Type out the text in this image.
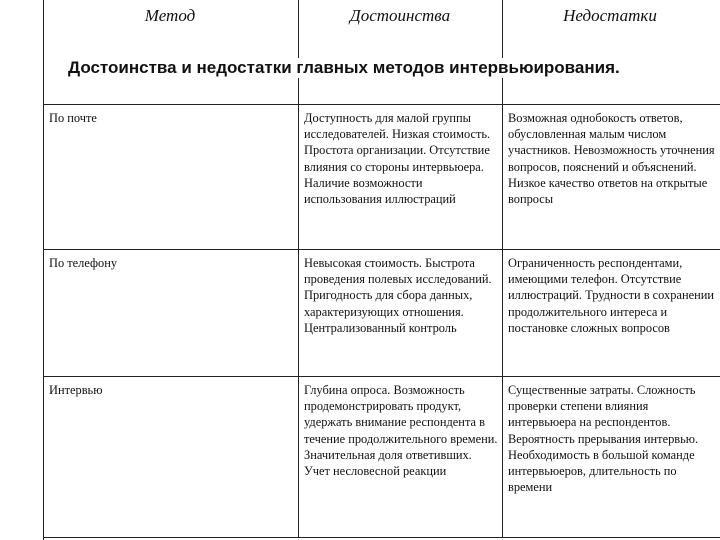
Метод	Достоинства	Недостатки
Достоинства и недостатки главных методов интервьюирования.
По почте	Доступность для малой группы исследователей. Низкая стоимость. Простота организации. Отсутствие влияния со стороны интервьюера. Наличие возможности использования иллюстраций	Возможная однобокость ответов, обусловленная малым числом участников. Невозможность уточнения вопросов, пояснений и объяснений. Низкое качество ответов на открытые вопросы
По телефону	Невысокая стоимость. Быстрота проведения полевых исследований. Пригодность для сбора данных, характеризующих отношения. Централизованный контроль	Ограниченность респондентами, имеющими телефон. Отсутствие иллюстраций. Трудности в сохранении продолжительного интереса и постановке сложных вопросов
Интервью	Глубина опроса. Возможность продемонстрировать продукт, удержать внимание респондента в течение продолжительного времени. Значительная доля ответивших. Учет несловесной реакции	Существенные затраты. Сложность проверки степени влияния интервьюера на респондентов. Вероятность прерывания интервью. Необходимость в большой команде интервьюеров, длительность по времени
